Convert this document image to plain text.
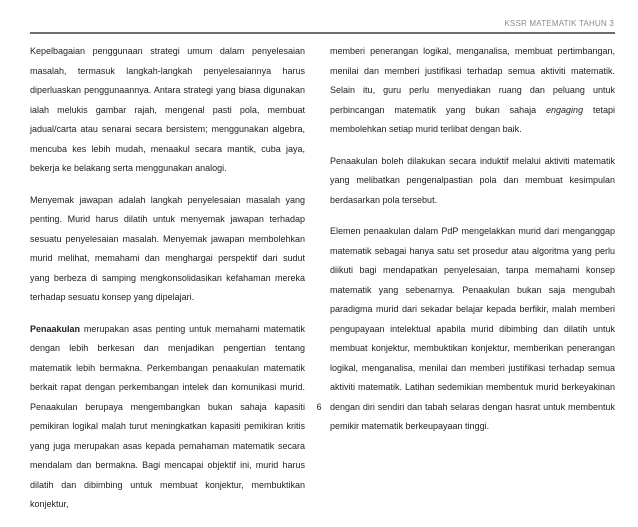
KSSR MATEMATIK TAHUN 3

Kepelbagaian penggunaan strategi umum dalam penyelesaian masalah, termasuk langkah-langkah penyelesaiannya harus diperluaskan penggunaannya. Antara strategi yang biasa digunakan ialah melukis gambar rajah, mengenal pasti pola, membuat jadual/carta atau senarai secara bersistem; menggunakan algebra, mencuba kes lebih mudah, menaakul secara mantik, cuba jaya, bekerja ke belakang serta menggunakan analogi.

Menyemak jawapan adalah langkah penyelesaian masalah yang penting. Murid harus dilatih untuk menyemak jawapan terhadap sesuatu penyelesaian masalah. Menyemak jawapan membolehkan murid melihat, memahami dan menghargai perspektif dari sudut yang berbeza di samping mengkonsolidasikan kefahaman mereka terhadap sesuatu konsep yang dipelajari.

Penaakulan merupakan asas penting untuk memahami matematik dengan lebih berkesan dan menjadikan pengertian tentang matematik lebih bermakna. Perkembangan penaakulan matematik berkait rapat dengan perkembangan intelek dan komunikasi murid. Penaakulan berupaya mengembangkan bukan sahaja kapasiti pemikiran logikal malah turut meningkatkan kapasiti pemikiran kritis yang juga merupakan asas kepada pemahaman matematik secara mendalam dan bermakna. Bagi mencapai objektif ini, murid harus dilatih dan dibimbing untuk membuat konjektur, membuktikan konjektur,

memberi penerangan logikal, menganalisa, membuat pertimbangan, menilai dan memberi justifikasi terhadap semua aktiviti matematik. Selain itu, guru perlu menyediakan ruang dan peluang untuk perbincangan matematik yang bukan sahaja engaging tetapi membolehkan setiap murid terlibat dengan baik.

Penaakulan boleh dilakukan secara induktif melalui aktiviti matematik yang melibatkan pengenalpastian pola dan membuat kesimpulan berdasarkan pola tersebut.

Elemen penaakulan dalam PdP mengelakkan murid dari menganggap matematik sebagai hanya satu set prosedur atau algoritma yang perlu diikuti bagi mendapatkan penyelesaian, tanpa memahami konsep matematik yang sebenarnya. Penaakulan bukan saja mengubah paradigma murid dari sekadar belajar kepada berfikir, malah memberi pengupayaan intelektual apabila murid dibimbing dan dilatih untuk membuat konjektur, membuktikan konjektur, memberikan penerangan logikal, menganalisa, menilai dan memberi justifikasi terhadap semua aktiviti matematik. Latihan sedemikian membentuk murid berkeyakinan dengan diri sendiri dan tabah selaras dengan hasrat untuk membentuk pemikir matematik berkeupayaan tinggi.

6
